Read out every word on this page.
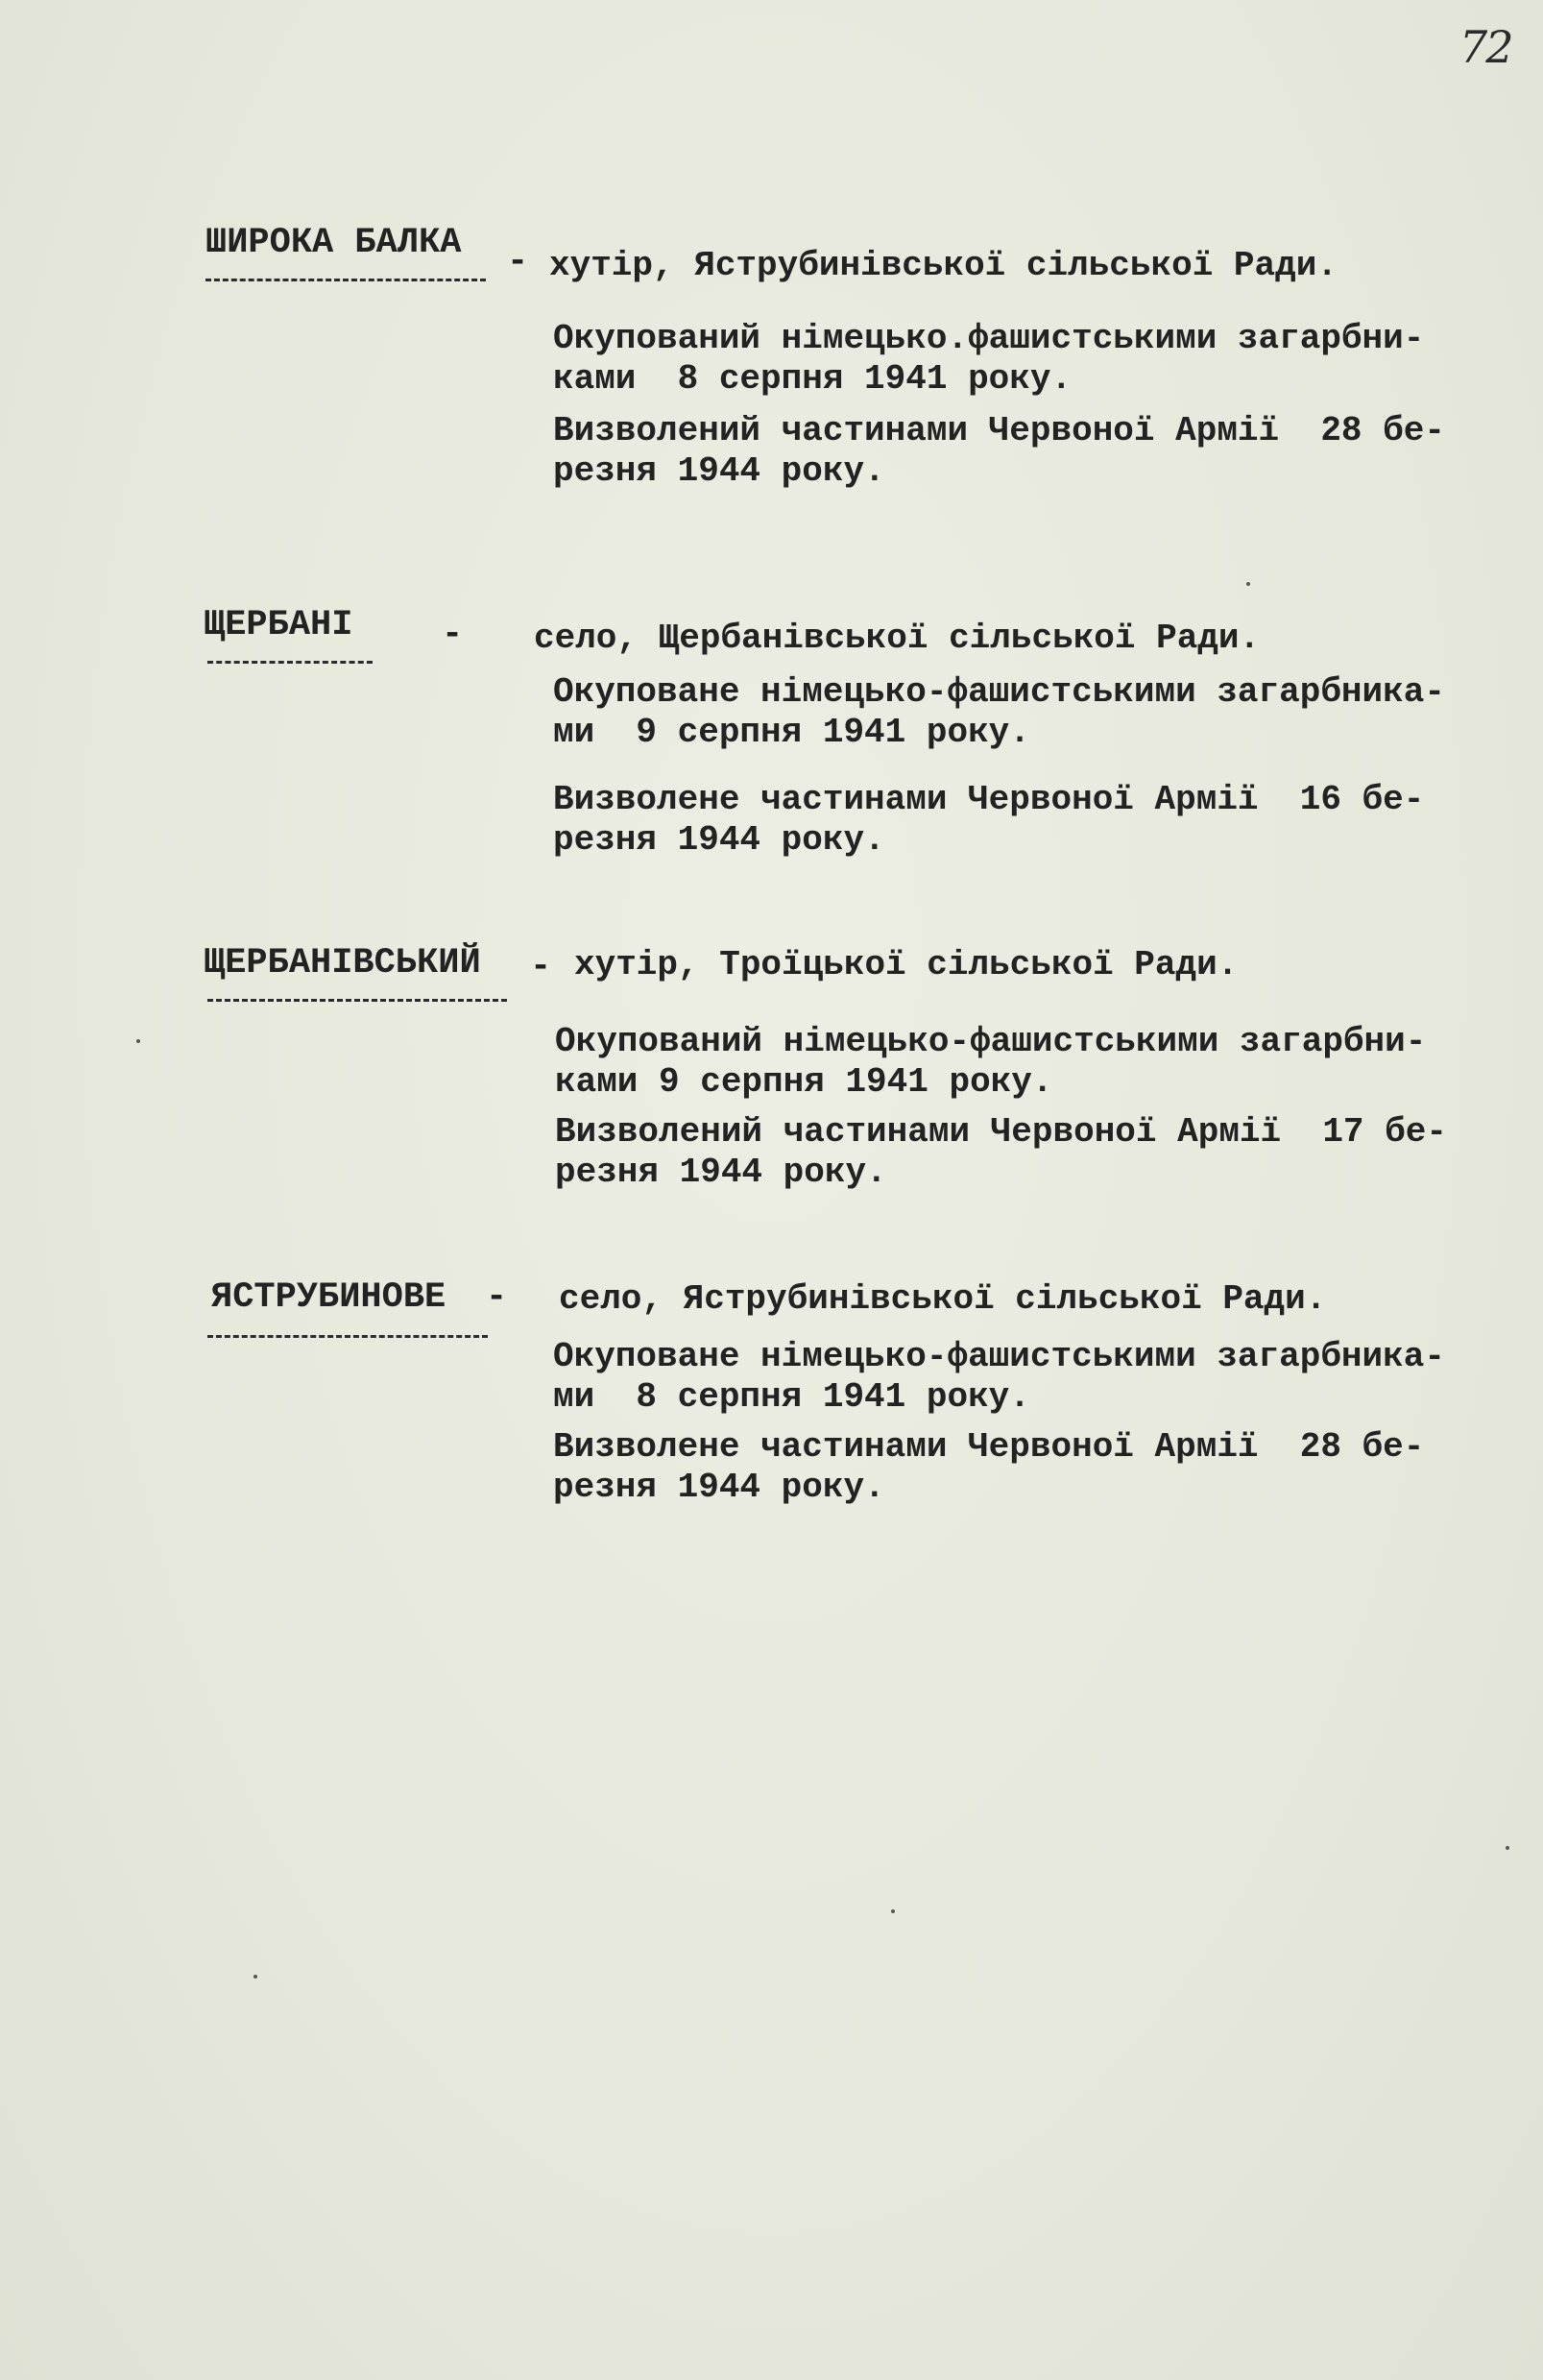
72
ШИРОКА БАЛКА - хутір, Яструбинівської сільської Ради.
Окупований німецько.фашистськими загарбни-
ками  8 серпня 1941 року.
Визволений частинами Червоної Армії  28 бе-
резня 1944 року.
ЩЕРБАНІ	- село, Щербанівської сільської Ради.
Окуповане німецько-фашистськими загарбника-
ми  9 серпня 1941 року.
Визволене частинами Червоної Армії  16 бе-
резня 1944 року.
ЩЕРБАНІВСЬКИЙ - хутір, Троїцької сільської Ради.
Окупований німецько-фашистськими загарбни-
ками 9 серпня 1941 року.
Визволений частинами Червоної Армії  17 бе-
резня 1944 року.
ЯСТРУБИНОВЕ - село, Яструбинівської сільської Ради.
Окуповане німецько-фашистськими загарбника-
ми  8 серпня 1941 року.
Визволене частинами Червоної Армії  28 бе-
резня 1944 року.
